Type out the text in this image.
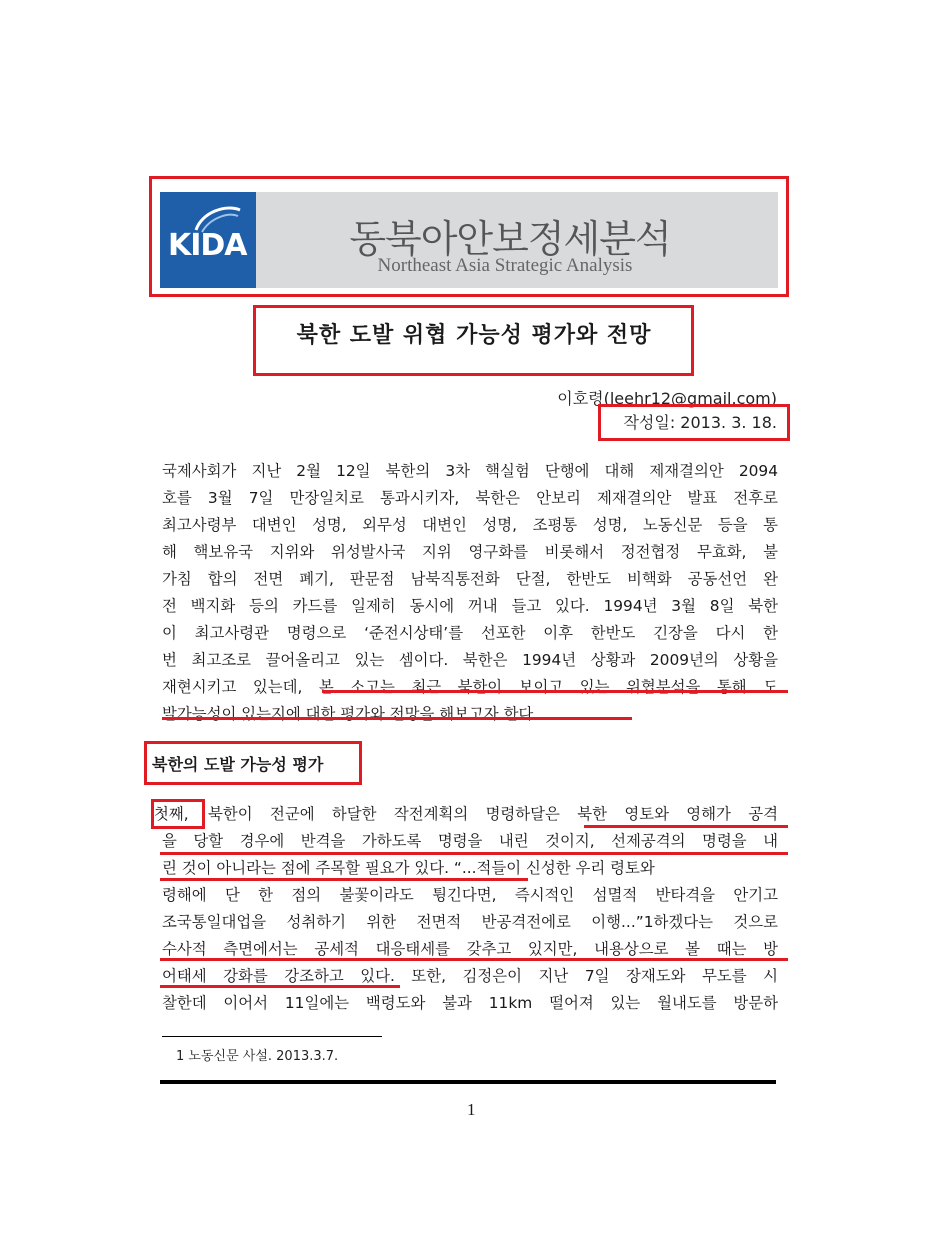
KIDA	동북아안보정세분석
Northeast Asia Strategic Analysis
북한 도발 위협 가능성 평가와 전망
이호령(leehr12@gmail.com)
작성일: 2013. 3. 18.
국제사회가 지난 2월 12일 북한의 3차 핵실험 단행에 대해 제재결의안 2094
호를 3월 7일 만장일치로 통과시키자, 북한은 안보리 제재결의안 발표 전후로
최고사령부 대변인 성명, 외무성 대변인 성명, 조평통 성명, 노동신문 등을 통
해 핵보유국 지위와 위성발사국 지위 영구화를 비롯해서 정전협정 무효화, 불
가침 합의 전면 폐기, 판문점 남북직통전화 단절, 한반도 비핵화 공동선언 완
전 백지화 등의 카드를 일제히 동시에 꺼내 들고 있다. 1994년 3월 8일 북한
이 최고사령관 명령으로 ‘준전시상태’를 선포한 이후 한반도 긴장을 다시 한
번 최고조로 끌어올리고 있는 셈이다. 북한은 1994년 상황과 2009년의 상황을
재현시키고 있는데, 본 소고는 최근 북한이 보이고 있는 위협분석을 통해 도
발가능성이 있는지에 대한 평가와 전망을 해보고자 한다.
북한의 도발 가능성 평가
첫째, 북한이 전군에 하달한 작전계획의 명령하달은 북한 영토와 영해가 공격
을 당할 경우에 반격을 가하도록 명령을 내린 것이지, 선제공격의 명령을 내
린 것이 아니라는 점에 주목할 필요가 있다. “...적들이 신성한 우리 령토와
령해에 단 한 점의 불꽃이라도 튕긴다면, 즉시적인 섬멸적 반타격을 안기고
조국통일대업을 성취하기 위한 전면적 반공격전에로 이행...”1하겠다는 것으로
수사적 측면에서는 공세적 대응태세를 갖추고 있지만, 내용상으로 볼 때는 방
어태세 강화를 강조하고 있다. 또한, 김정은이 지난 7일 장재도와 무도를 시
찰한데 이어서 11일에는 백령도와 불과 11km 떨어져 있는 월내도를 방문하
1 노동신문 사설. 2013.3.7.
1
